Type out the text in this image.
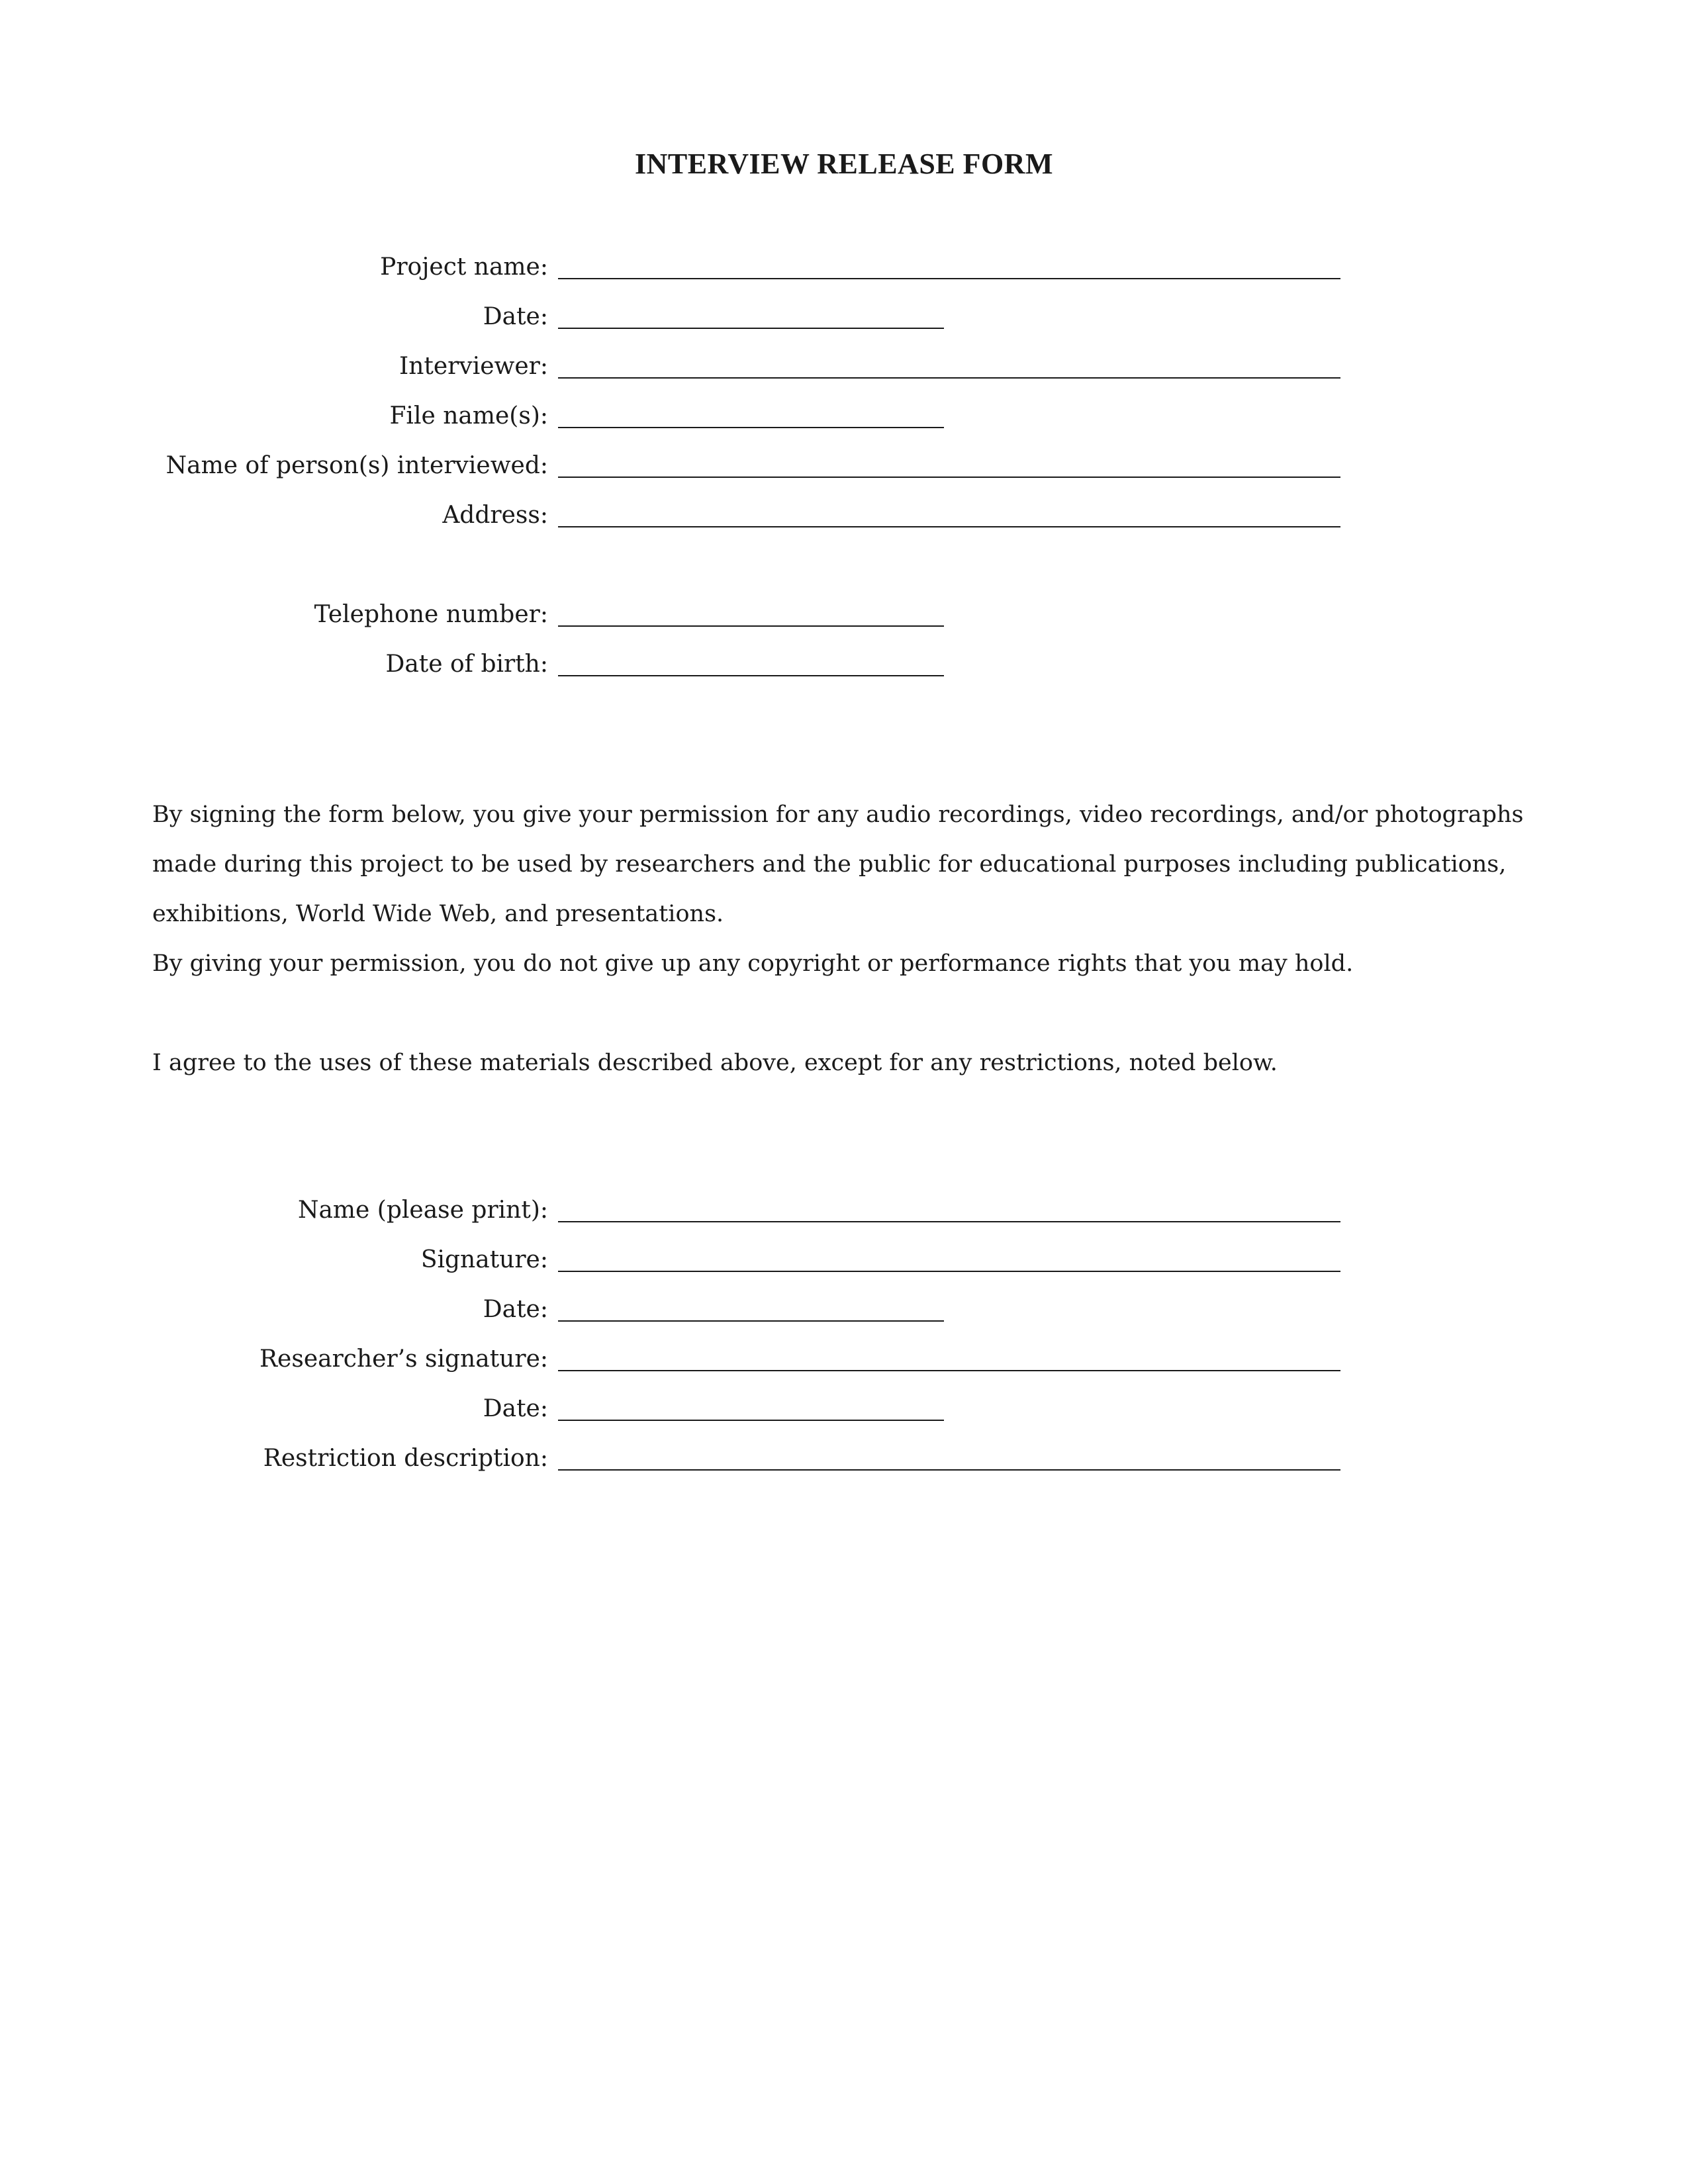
INTERVIEW RELEASE FORM
Project name:
Date:
Interviewer:
File name(s):
Name of person(s) interviewed:
Address:
Telephone number:
Date of birth:

By signing the form below, you give your permission for any audio recordings, video recordings, and/or photographs made during this project to be used by researchers and the public for educational purposes including publications, exhibitions, World Wide Web, and presentations.

By giving your permission, you do not give up any copyright or performance rights that you may hold.

I agree to the uses of these materials described above, except for any restrictions, noted below.

Name (please print):
Signature:
Date:
Researcher’s signature:
Date:
Restriction description:
